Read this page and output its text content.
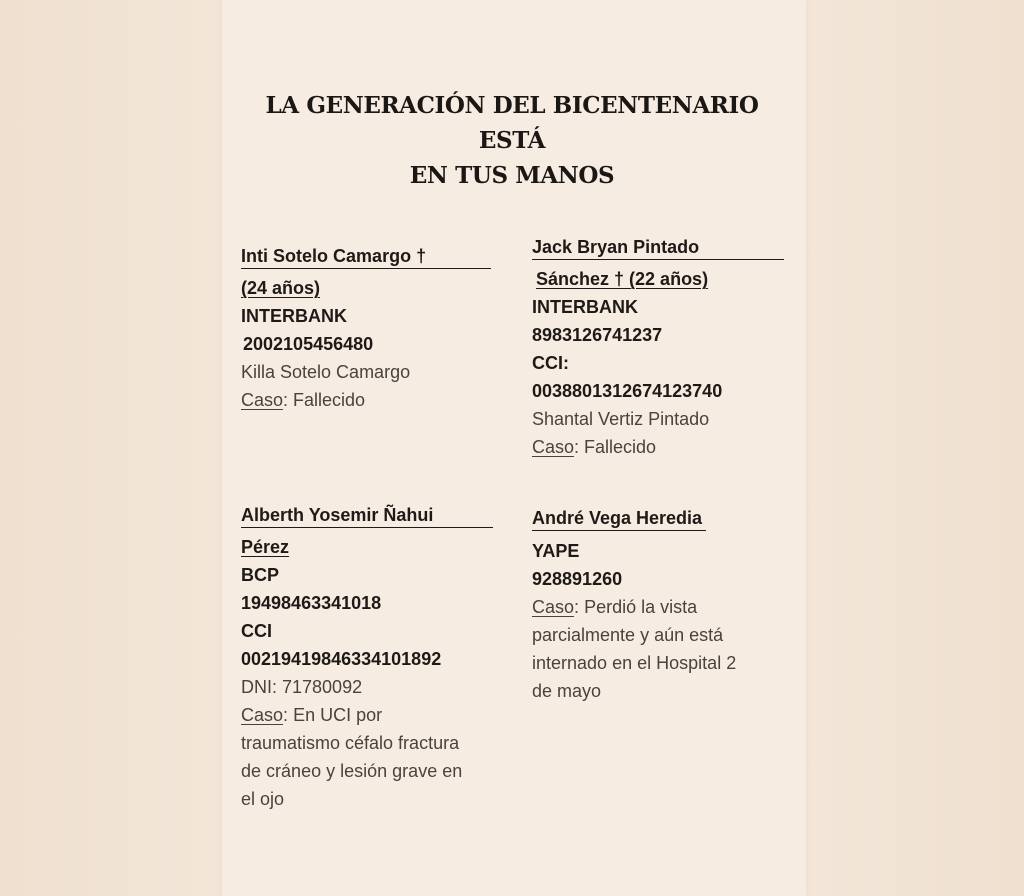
LA GENERACIÓN DEL BICENTENARIO ESTÁ
EN TUS MANOS
Inti Sotelo Camargo †
(24 años)
INTERBANK
2002105456480
Killa Sotelo Camargo
Caso: Fallecido
Jack Bryan Pintado
Sánchez † (22 años)
INTERBANK
8983126741237
CCI:
0038801312674123740
Shantal Vertiz Pintado
Caso: Fallecido
Alberth Yosemir Ñahui
Pérez
BCP
19498463341018
CCI
00219419846334101892
DNI: 71780092
Caso: En UCI por
traumatismo céfalo fractura
de cráneo y lesión grave en
el ojo
André Vega Heredia
YAPE
928891260
Caso: Perdió la vista
parcialmente y aún está
internado en el Hospital 2
de mayo
